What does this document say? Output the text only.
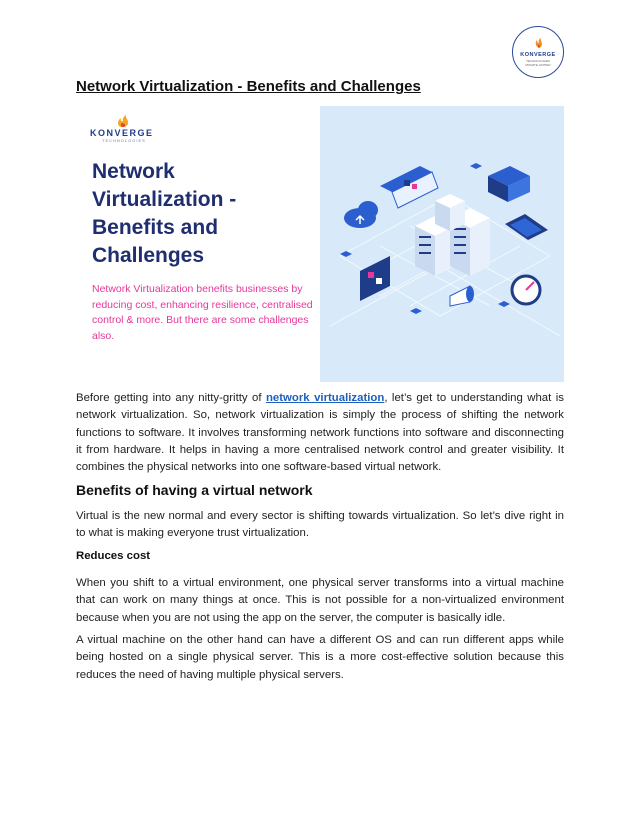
KONVERGE
TECHNOLOGIES PRIVATE LIMITED
Network Virtualization - Benefits and Challenges
KONVERGE
TECHNOLOGIES
Network
Virtualization -
Benefits and
Challenges
Network Virtualization benefits businesses by reducing cost, enhancing resilience, centralised control & more. But there are some challenges also.
Before getting into any nitty-gritty of network virtualization, let’s get to understanding what is network virtualization. So, network virtualization is simply the process of shifting the network functions to software. It involves transforming network functions into software and disconnecting it from hardware. It helps in having a more centralised network control and greater visibility. It combines the physical networks into one software-based virtual network.
Benefits of having a virtual network
Virtual is the new normal and every sector is shifting towards virtualization. So let’s dive right in to what is making everyone trust virtualization.
Reduces cost
When you shift to a virtual environment, one physical server transforms into a virtual machine that can work on many things at once. This is not possible for a non-virtualized environment because when you are not using the app on the server, the computer is basically idle.
A virtual machine on the other hand can have a different OS and can run different apps while being hosted on a single physical server. This is a more cost-effective solution because this reduces the need of having multiple physical servers.
